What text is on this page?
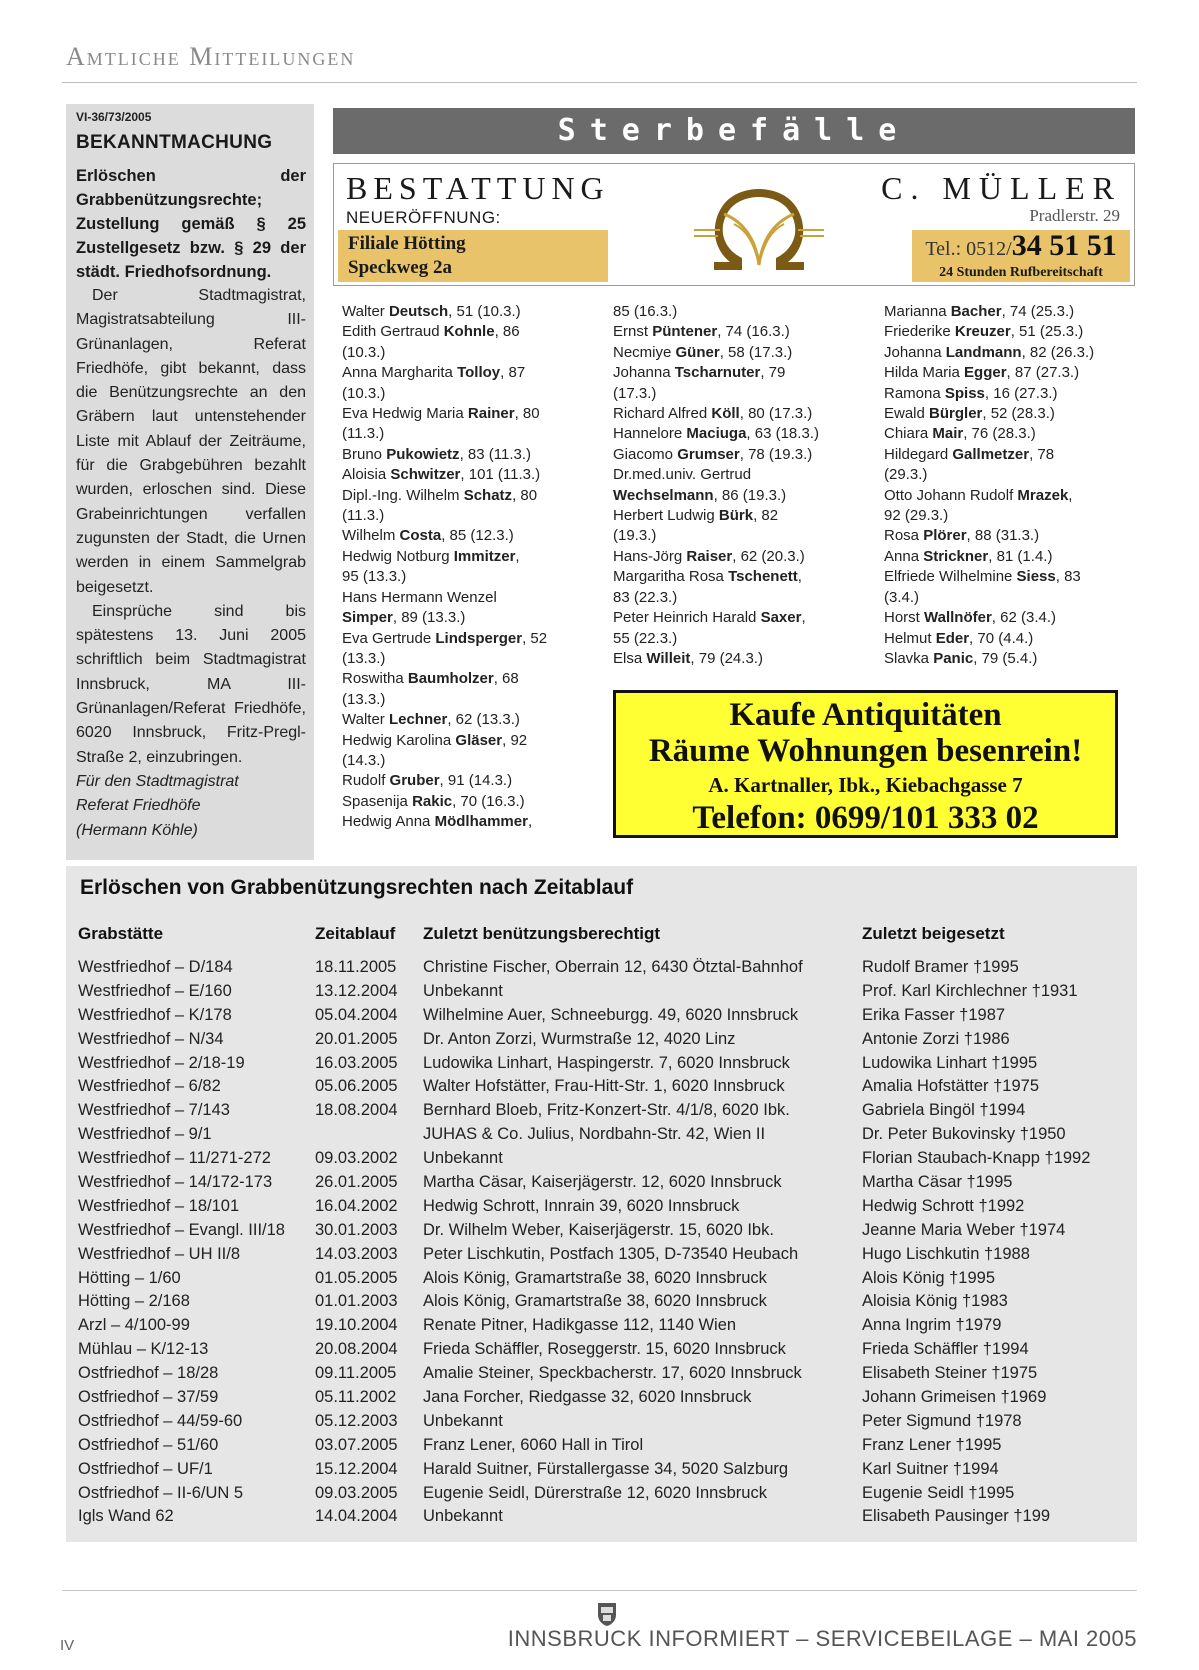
Amtliche Mitteilungen
VI-36/73/2005
BEKANNTMACHUNG
Erlöschen der Grabbenützungsrechte; Zustellung gemäß § 25 Zustellgesetz bzw. § 29 der städt. Friedhofsordnung.
Der Stadtmagistrat, Magistratsabteilung III-Grünanlagen, Referat Friedhöfe, gibt bekannt, dass die Benützungsrechte an den Gräbern laut untenstehender Liste mit Ablauf der Zeiträume, für die Grabgebühren bezahlt wurden, erloschen sind. Diese Grabeinrichtungen verfallen zugunsten der Stadt, die Urnen werden in einem Sammelgrab beigesetzt.
Einsprüche sind bis spätestens 13. Juni 2005 schriftlich beim Stadtmagistrat Innsbruck, MA III-Grünanlagen/Referat Friedhöfe, 6020 Innsbruck, Fritz-Pregl-Straße 2, einzubringen.
Für den Stadtmagistrat
Referat Friedhöfe
(Hermann Köhle)
Sterbefälle
BESTATTUNG
NEUERÖFFNUNG:
Filiale Hötting
Speckweg 2a
C. MÜLLER
Pradlerstr. 29
Tel.: 0512/34 51 51
24 Stunden Rufbereitschaft
Walter Deutsch, 51 (10.3.)
Edith Gertraud Kohnle, 86
(10.3.)
Anna Margharita Tolloy, 87
(10.3.)
Eva Hedwig Maria Rainer, 80
(11.3.)
Bruno Pukowietz, 83 (11.3.)
Aloisia Schwitzer, 101 (11.3.)
Dipl.-Ing. Wilhelm Schatz, 80
(11.3.)
Wilhelm Costa, 85 (12.3.)
Hedwig Notburg Immitzer,
95 (13.3.)
Hans Hermann Wenzel
Simper, 89 (13.3.)
Eva Gertrude Lindsperger, 52
(13.3.)
Roswitha Baumholzer, 68
(13.3.)
Walter Lechner, 62 (13.3.)
Hedwig Karolina Gläser, 92
(14.3.)
Rudolf Gruber, 91 (14.3.)
Spasenija Rakic, 70 (16.3.)
Hedwig Anna Mödlhammer,
85 (16.3.)
Ernst Püntener, 74 (16.3.)
Necmiye Güner, 58 (17.3.)
Johanna Tscharnuter, 79
(17.3.)
Richard Alfred Köll, 80 (17.3.)
Hannelore Maciuga, 63 (18.3.)
Giacomo Grumser, 78 (19.3.)
Dr.med.univ. Gertrud
Wechselmann, 86 (19.3.)
Herbert Ludwig Bürk, 82
(19.3.)
Hans-Jörg Raiser, 62 (20.3.)
Margaritha Rosa Tschenett,
83 (22.3.)
Peter Heinrich Harald Saxer,
55 (22.3.)
Elsa Willeit, 79 (24.3.)
Marianna Bacher, 74 (25.3.)
Friederike Kreuzer, 51 (25.3.)
Johanna Landmann, 82 (26.3.)
Hilda Maria Egger, 87 (27.3.)
Ramona Spiss, 16 (27.3.)
Ewald Bürgler, 52 (28.3.)
Chiara Mair, 76 (28.3.)
Hildegard Gallmetzer, 78
(29.3.)
Otto Johann Rudolf Mrazek,
92 (29.3.)
Rosa Plörer, 88 (31.3.)
Anna Strickner, 81 (1.4.)
Elfriede Wilhelmine Siess, 83
(3.4.)
Horst Wallnöfer, 62 (3.4.)
Helmut Eder, 70 (4.4.)
Slavka Panic, 79 (5.4.)
Kaufe Antiquitäten
Räume Wohnungen besenrein!
A. Kartnaller, Ibk., Kiebachgasse 7
Telefon: 0699/101 333 02
Erlöschen von Grabbenützungsrechten nach Zeitablauf
Grabstätte	Zeitablauf	Zuletzt benützungsberechtigt	Zuletzt beigesetzt
Westfriedhof – D/184	18.11.2005	Christine Fischer, Oberrain 12, 6430 Ötztal-Bahnhof	Rudolf Bramer †1995
Westfriedhof – E/160	13.12.2004	Unbekannt	Prof. Karl Kirchlechner †1931
Westfriedhof – K/178	05.04.2004	Wilhelmine Auer, Schneeburgg. 49, 6020 Innsbruck	Erika Fasser †1987
Westfriedhof – N/34	20.01.2005	Dr. Anton Zorzi, Wurmstraße 12, 4020 Linz	Antonie Zorzi †1986
Westfriedhof – 2/18-19	16.03.2005	Ludowika Linhart, Haspingerstr. 7, 6020 Innsbruck	Ludowika Linhart †1995
Westfriedhof – 6/82	05.06.2005	Walter Hofstätter, Frau-Hitt-Str. 1, 6020 Innsbruck	Amalia Hofstätter †1975
Westfriedhof – 7/143	18.08.2004	Bernhard Bloeb, Fritz-Konzert-Str. 4/1/8, 6020 Ibk.	Gabriela Bingöl †1994
Westfriedhof – 9/1		JUHAS & Co. Julius, Nordbahn-Str. 42, Wien II	Dr. Peter Bukovinsky †1950
Westfriedhof – 11/271-272	09.03.2002	Unbekannt	Florian Staubach-Knapp †1992
Westfriedhof – 14/172-173	26.01.2005	Martha Cäsar, Kaiserjägerstr. 12, 6020 Innsbruck	Martha Cäsar †1995
Westfriedhof – 18/101	16.04.2002	Hedwig Schrott, Innrain 39, 6020 Innsbruck	Hedwig Schrott †1992
Westfriedhof – Evangl. III/18	30.01.2003	Dr. Wilhelm Weber, Kaiserjägerstr. 15, 6020 Ibk.	Jeanne Maria Weber †1974
Westfriedhof – UH II/8	14.03.2003	Peter Lischkutin, Postfach 1305, D-73540 Heubach	Hugo Lischkutin †1988
Hötting – 1/60	01.05.2005	Alois König, Gramartstraße 38, 6020 Innsbruck	Alois König †1995
Hötting – 2/168	01.01.2003	Alois König, Gramartstraße 38, 6020 Innsbruck	Aloisia König †1983
Arzl – 4/100-99	19.10.2004	Renate Pitner, Hadikgasse 112, 1140 Wien	Anna Ingrim †1979
Mühlau – K/12-13	20.08.2004	Frieda Schäffler, Roseggerstr. 15, 6020 Innsbruck	Frieda Schäffler †1994
Ostfriedhof – 18/28	09.11.2005	Amalie Steiner, Speckbacherstr. 17, 6020 Innsbruck	Elisabeth Steiner †1975
Ostfriedhof – 37/59	05.11.2002	Jana Forcher, Riedgasse 32, 6020 Innsbruck	Johann Grimeisen †1969
Ostfriedhof – 44/59-60	05.12.2003	Unbekannt	Peter Sigmund †1978
Ostfriedhof – 51/60	03.07.2005	Franz Lener, 6060 Hall in Tirol	Franz Lener †1995
Ostfriedhof – UF/1	15.12.2004	Harald Suitner, Fürstallergasse 34, 5020 Salzburg	Karl Suitner †1994
Ostfriedhof – II-6/UN 5	09.03.2005	Eugenie Seidl, Dürerstraße 12, 6020 Innsbruck	Eugenie Seidl †1995
Igls Wand 62	14.04.2004	Unbekannt	Elisabeth Pausinger †199
IV	INNSBRUCK INFORMIERT – SERVICEBEILAGE – MAI 2005
